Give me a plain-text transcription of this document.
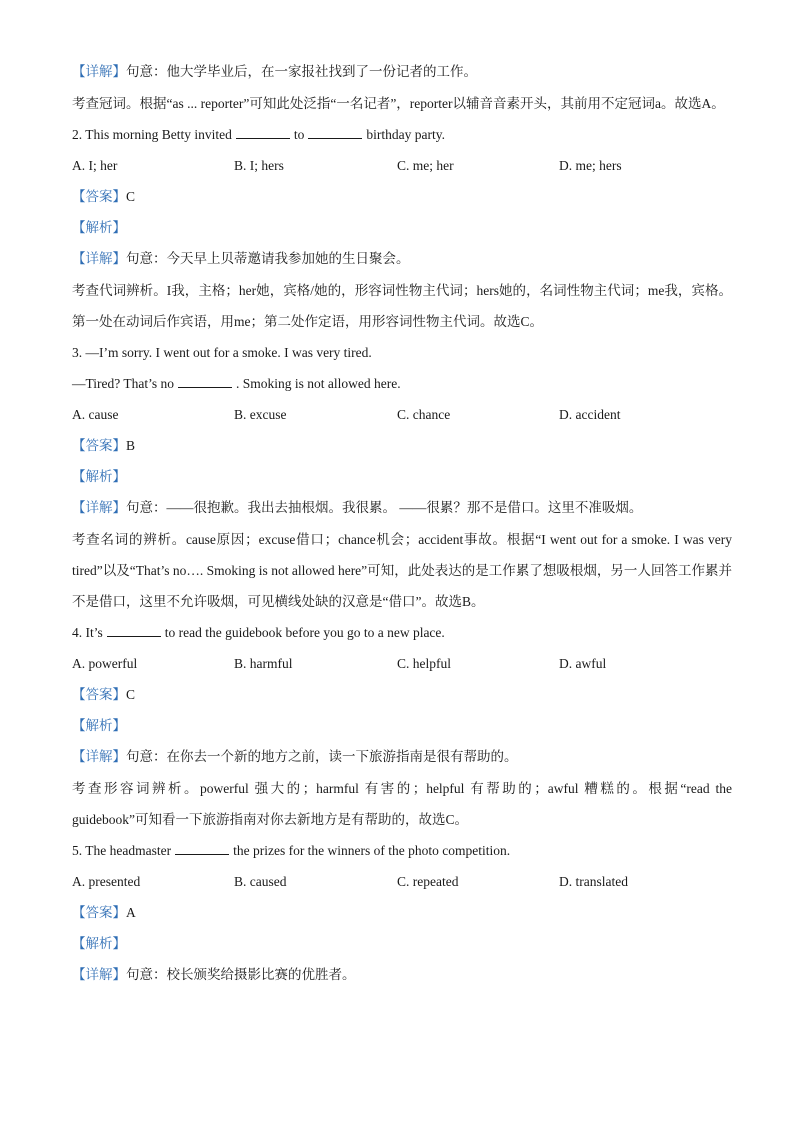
【详解】句意：他大学毕业后，在一家报社找到了一份记者的工作。
考查冠词。根据“as ... reporter”可知此处泛指“一名记者”，reporter以辅音音素开头，其前用不定冠词a。故选A。
2. This morning Betty invited	to	birthday party.
A. I; her	B. I; hers	C. me; her	D. me; hers
【答案】C
【解析】
【详解】句意：今天早上贝蒂邀请我参加她的生日聚会。
考查代词辨析。I我，主格；her她，宾格/她的，形容词性物主代词；hers她的，名词性物主代词；me我，宾格。第一处在动词后作宾语，用me；第二处作定语，用形容词性物主代词。故选C。
3. —I’m sorry. I went out for a smoke. I was very tired.
—Tired? That’s no	. Smoking is not allowed here.
A. cause	B. excuse	C. chance	D. accident
【答案】B
【解析】
【详解】句意：——很抱歉。我出去抽根烟。我很累。 ——很累？那不是借口。这里不准吸烟。
考查名词的辨析。cause原因；excuse借口；chance机会；accident事故。根据“I went out for a smoke. I was very tired”以及“That’s no…. Smoking is not allowed here”可知，此处表达的是工作累了想吸根烟，另一人回答工作累并不是借口，这里不允许吸烟，可见横线处缺的汉意是“借口”。故选B。
4. It’s	to read the guidebook before you go to a new place.
A. powerful	B. harmful	C. helpful	D. awful
【答案】C
【解析】
【详解】句意：在你去一个新的地方之前，读一下旅游指南是很有帮助的。
考查形容词辨析。powerful 强大的；harmful 有害的；helpful 有帮助的；awful 糟糕的。根据“read the guidebook”可知看一下旅游指南对你去新地方是有帮助的，故选C。
5. The headmaster	the prizes for the winners of the photo competition.
A. presented	B. caused	C. repeated	D. translated
【答案】A
【解析】
【详解】句意：校长颁奖给摄影比赛的优胜者。
